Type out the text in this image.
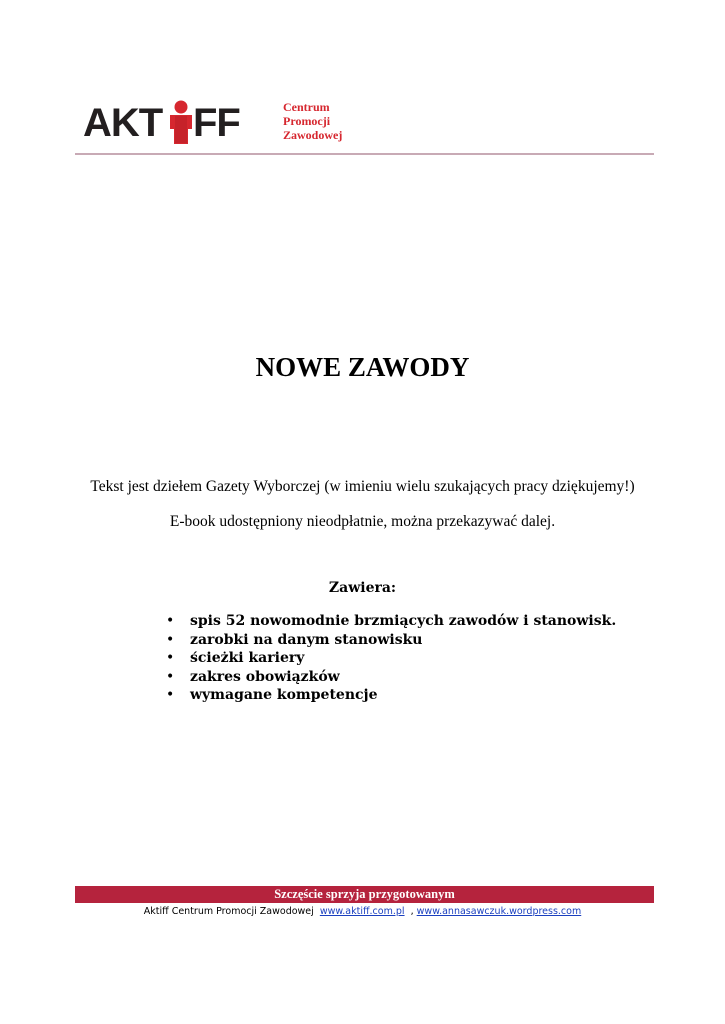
AKT FF	Centrum
Promocji
Zawodowej
NOWE ZAWODY
Tekst jest dziełem Gazety Wyborczej (w imieniu wielu szukających pracy dziękujemy!)
E-book udostępniony nieodpłatnie, można przekazywać dalej.
Zawiera:
• spis 52 nowomodnie brzmiących zawodów i stanowisk.
• zarobki na danym stanowisku
• ścieżki kariery
• zakres obowiązków
• wymagane kompetencje
Szczęście sprzyja przygotowanym
Aktiff Centrum Promocji Zawodowej www.aktiff.com.pl , www.annasawczuk.wordpress.com
